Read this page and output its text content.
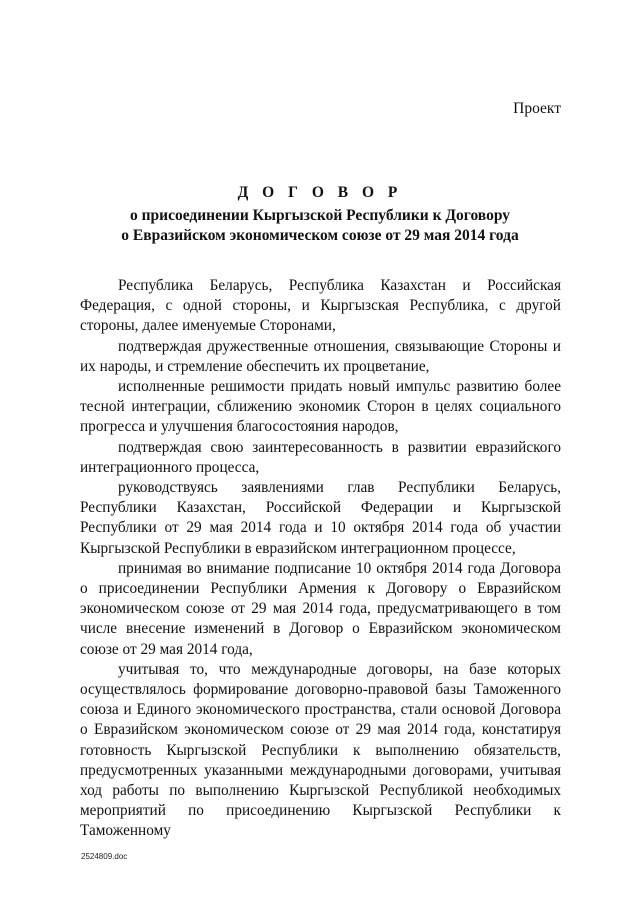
Проект
Д О Г О В О Р
о присоединении Кыргызской Республики к Договору
о Евразийском экономическом союзе от 29 мая 2014 года

Республика Беларусь, Республика Казахстан и Российская Федерация, с одной стороны, и Кыргызская Республика, с другой стороны, далее именуемые Сторонами,

подтверждая дружественные отношения, связывающие Стороны и их народы, и стремление обеспечить их процветание,

исполненные решимости придать новый импульс развитию более тесной интеграции, сближению экономик Сторон в целях социального прогресса и улучшения благосостояния народов,

подтверждая свою заинтересованность в развитии евразийского интеграционного процесса,

руководствуясь заявлениями глав Республики Беларусь, Республики Казахстан, Российской Федерации и Кыргызской Республики от 29 мая 2014 года и 10 октября 2014 года об участии Кыргызской Республики в евразийском интеграционном процессе,

принимая во внимание подписание 10 октября 2014 года Договора о присоединении Республики Армения к Договору о Евразийском экономическом союзе от 29 мая 2014 года, предусматривающего в том числе внесение изменений в Договор о Евразийском экономическом союзе от 29 мая 2014 года,

учитывая то, что международные договоры, на базе которых осуществлялось формирование договорно-правовой базы Таможенного союза и Единого экономического пространства, стали основой Договора о Евразийском экономическом союзе от 29 мая 2014 года, констатируя готовность Кыргызской Республики к выполнению обязательств, предусмотренных указанными международными договорами, учитывая ход работы по выполнению Кыргызской Республикой необходимых мероприятий по присоединению Кыргызской Республики к Таможенному

2524809.doc
